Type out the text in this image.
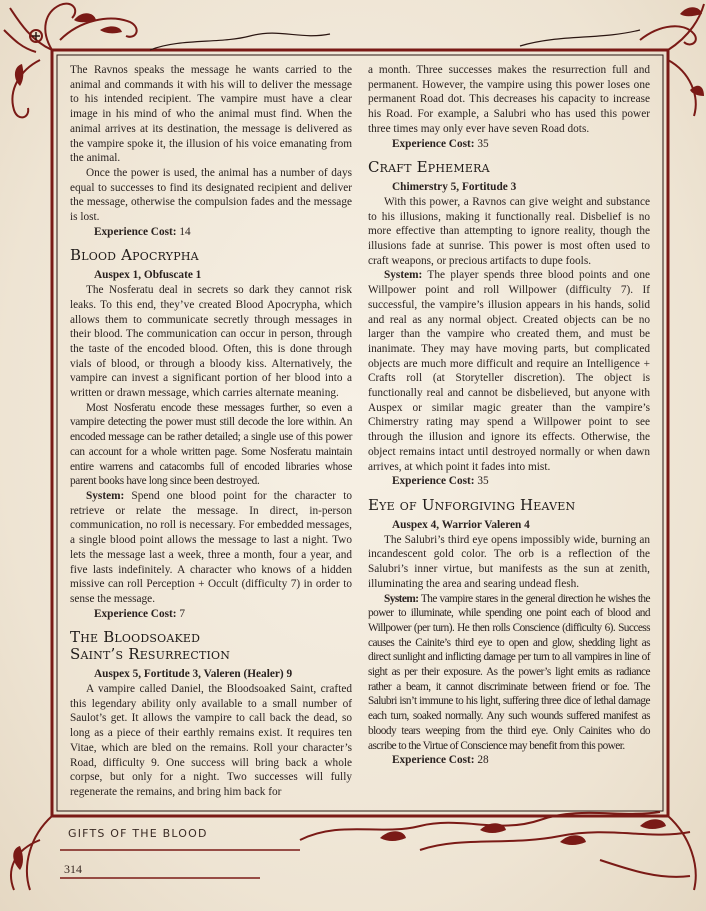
The Ravnos speaks the message he wants carried to the animal and commands it with his will to deliver the message to his intended recipient. The vampire must have a clear image in his mind of who the animal must find. When the animal arrives at its destination, the message is delivered as the vampire spoke it, the illusion of his voice emanating from the animal.

Once the power is used, the animal has a number of days equal to successes to find its designated recipient and deliver the message, otherwise the compulsion fades and the message is lost.

Experience Cost: 14

Blood Apocrypha

Auspex 1, Obfuscate 1

The Nosferatu deal in secrets so dark they cannot risk leaks. To this end, they’ve created Blood Apocrypha, which allows them to communicate secretly through messages in their blood. The communication can occur in person, through the taste of the encoded blood. Often, this is done through vials of blood, or through a bloody kiss. Alternatively, the vampire can invest a significant portion of her blood into a written or drawn message, which carries alternate meaning.

Most Nosferatu encode these messages further, so even a vampire detecting the power must still decode the lore within. An encoded message can be rather detailed; a single use of this power can account for a whole written page. Some Nosferatu maintain entire warrens and catacombs full of encoded libraries whose parent books have long since been destroyed.

System: Spend one blood point for the character to retrieve or relate the message. In direct, in-person communication, no roll is necessary. For embedded messages, a single blood point allows the message to last a night. Two lets the message last a week, three a month, four a year, and five lasts indefinitely. A character who knows of a hidden missive can roll Perception + Occult (difficulty 7) in order to sense the message.

Experience Cost: 7

The Bloodsoaked
Saint’s Resurrection

Auspex 5, Fortitude 3, Valeren (Healer) 9

A vampire called Daniel, the Bloodsoaked Saint, crafted this legendary ability only available to a small number of Saulot’s get. It allows the vampire to call back the dead, so long as a piece of their earthly remains exist. It requires ten Vitae, which are bled on the remains. Roll your character’s Road, difficulty 9. One success will bring back a whole corpse, but only for a night. Two successes will fully regenerate the remains, and bring him back for

a month. Three successes makes the resurrection full and permanent. However, the vampire using this power loses one permanent Road dot. This decreases his capacity to increase his Road. For example, a Salubri who has used this power three times may only ever have seven Road dots.

Experience Cost: 35

Craft Ephemera

Chimerstry 5, Fortitude 3

With this power, a Ravnos can give weight and substance to his illusions, making it functionally real. Disbelief is no more effective than attempting to ignore reality, though the illusions fade at sunrise. This power is most often used to craft weapons, or precious artifacts to dupe fools.

System: The player spends three blood points and one Willpower point and roll Willpower (difficulty 7). If successful, the vampire’s illusion appears in his hands, solid and real as any normal object. Created objects can be no larger than the vampire who created them, and must be inanimate. They may have moving parts, but complicated objects are much more difficult and require an Intelligence + Crafts roll (at Storyteller discretion). The object is functionally real and cannot be disbelieved, but anyone with Auspex or similar magic greater than the vampire’s Chimerstry rating may spend a Willpower point to see through the illusion and ignore its effects. Otherwise, the object remains intact until destroyed normally or when dawn arrives, at which point it fades into mist.

Experience Cost: 35

Eye of Unforgiving Heaven

Auspex 4, Warrior Valeren 4

The Salubri’s third eye opens impossibly wide, burning an incandescent gold color. The orb is a reflection of the Salubri’s inner virtue, but manifests as the sun at zenith, illuminating the area and searing undead flesh.

System: The vampire stares in the general direction he wishes the power to illuminate, while spending one point each of blood and Willpower (per turn). He then rolls Conscience (difficulty 6). Success causes the Cainite’s third eye to open and glow, shedding light as direct sunlight and inflicting damage per turn to all vampires in line of sight as per their exposure. As the power’s light emits as radiance rather a beam, it cannot discriminate between friend or foe. The Salubri isn’t immune to his light, suffering three dice of lethal damage each turn, soaked normally. Any such wounds suffered manifest as bloody tears weeping from the third eye. Only Cainites who do ascribe to the Virtue of Conscience may benefit from this power.

Experience Cost: 28

GIFTS OF THE BLOOD
314
